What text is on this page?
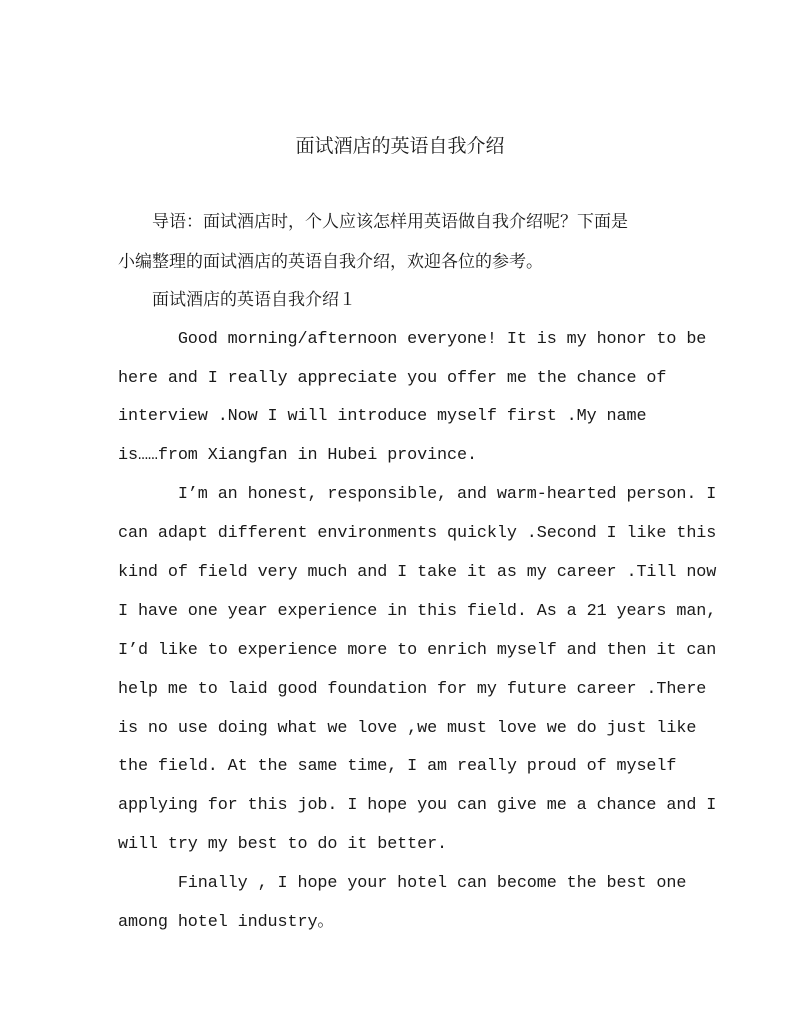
面试酒店的英语自我介绍
　　导语：面试酒店时，个人应该怎样用英语做自我介绍呢？下面是
小编整理的面试酒店的英语自我介绍，欢迎各位的参考。
　　面试酒店的英语自我介绍１
Good morning/afternoon everyone! It is my honor to be
here and I really appreciate you offer me the chance of
interview .Now I will introduce myself first .My name
is……from Xiangfan in Hubei province.
I’m an honest, responsible, and warm-hearted person. I
can adapt different environments quickly .Second I like this
kind of field very much and I take it as my career .Till now
I have one year experience in this field. As a 21 years man,
I’d like to experience more to enrich myself and then it can
help me to laid good foundation for my future career .There
is no use doing what we love ,we must love we do just like
the field. At the same time, I am really proud of myself
applying for this job. I hope you can give me a chance and I
will try my best to do it better.
Finally , I hope your hotel can become the best one
among hotel industry。
